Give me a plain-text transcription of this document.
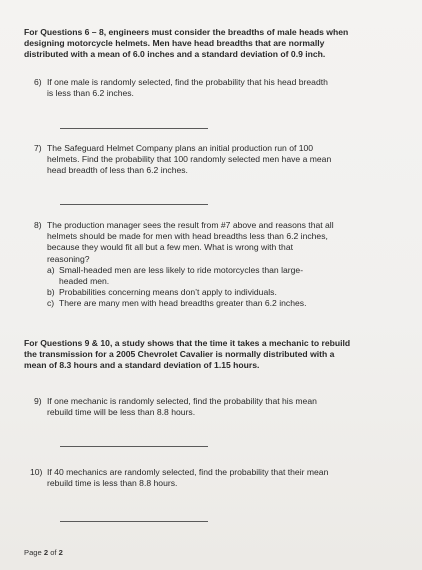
For Questions 6 – 8, engineers must consider the breadths of male heads when
designing motorcycle helmets. Men have head breadths that are normally
distributed with a mean of 6.0 inches and a standard deviation of 0.9 inch.
6) If one male is randomly selected, find the probability that his head breadth
is less than 6.2 inches.
7) The Safeguard Helmet Company plans an initial production run of 100
helmets. Find the probability that 100 randomly selected men have a mean
head breadth of less than 6.2 inches.
8) The production manager sees the result from #7 above and reasons that all
helmets should be made for men with head breadths less than 6.2 inches,
because they would fit all but a few men. What is wrong with that
reasoning?
a) Small-headed men are less likely to ride motorcycles than large-
headed men.
b) Probabilities concerning means don’t apply to individuals.
c) There are many men with head breadths greater than 6.2 inches.
For Questions 9 & 10, a study shows that the time it takes a mechanic to rebuild
the transmission for a 2005 Chevrolet Cavalier is normally distributed with a
mean of 8.3 hours and a standard deviation of 1.15 hours.
9) If one mechanic is randomly selected, find the probability that his mean
rebuild time will be less than 8.8 hours.
10) If 40 mechanics are randomly selected, find the probability that their mean
rebuild time is less than 8.8 hours.
Page 2 of 2
